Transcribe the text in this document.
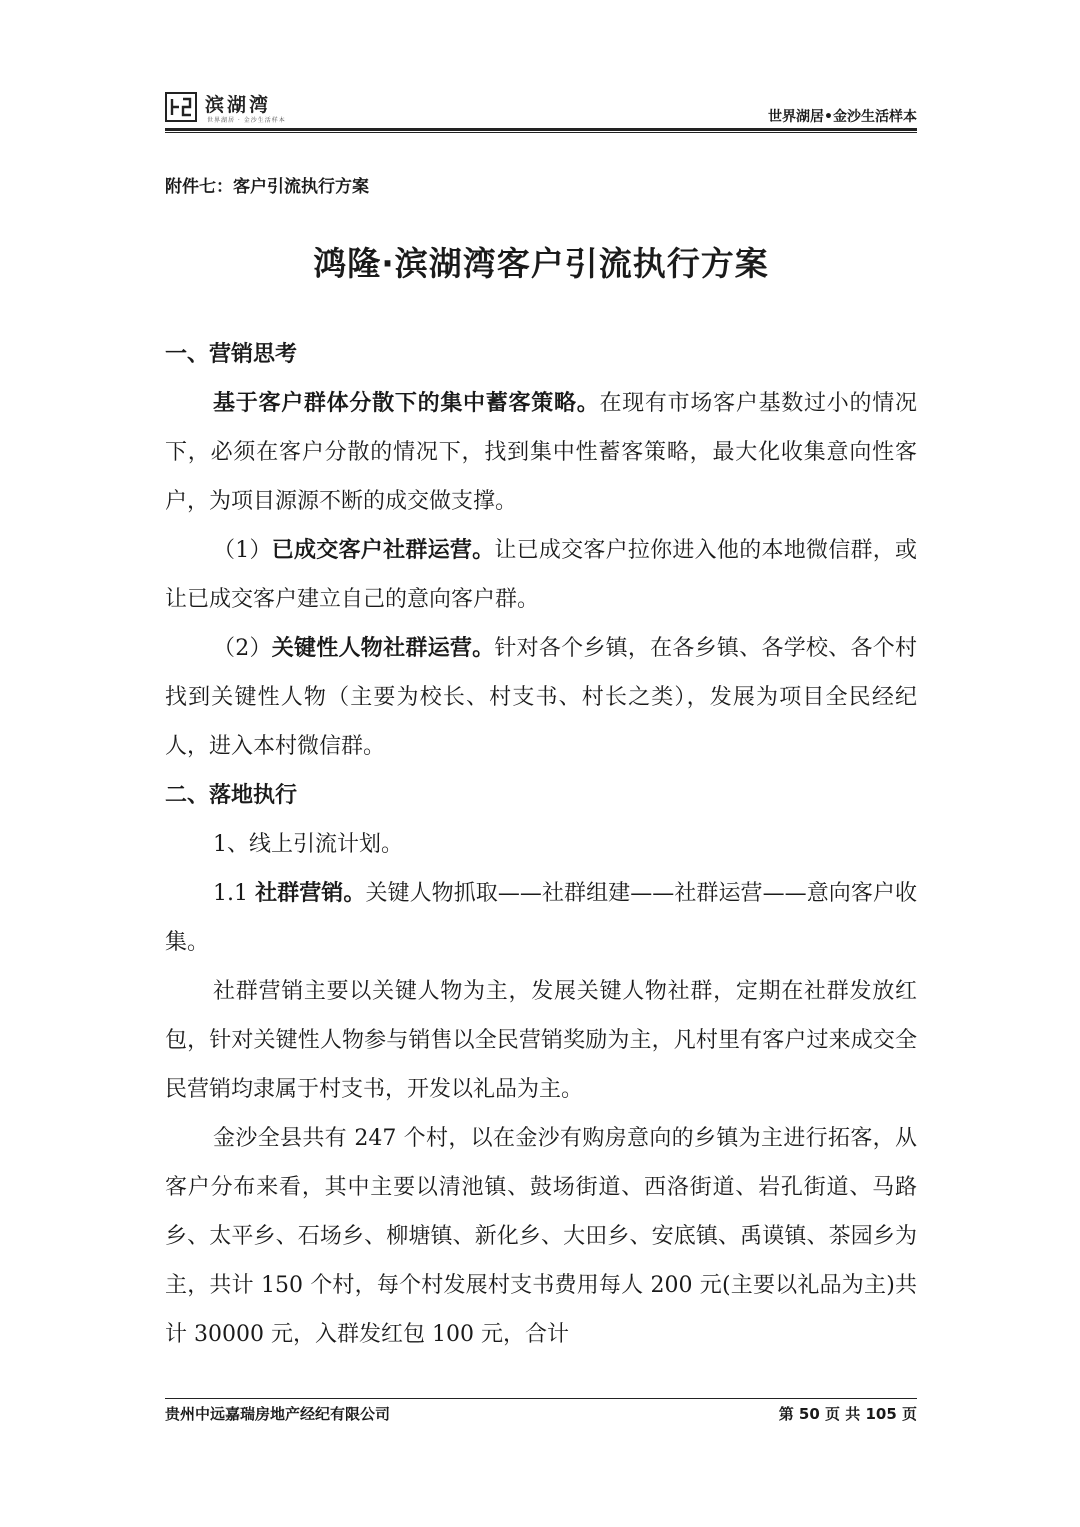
滨湖湾
世界湖居 · 金沙生活样本	世界湖居•金沙生活样本
附件七：客户引流执行方案
鸿隆·滨湖湾客户引流执行方案

一、营销思考

基于客户群体分散下的集中蓄客策略。在现有市场客户基数过小的情况下，必须在客户分散的情况下，找到集中性蓄客策略，最大化收集意向性客户，为项目源源不断的成交做支撑。

（1）已成交客户社群运营。让已成交客户拉你进入他的本地微信群，或让已成交客户建立自己的意向客户群。

（2）关键性人物社群运营。针对各个乡镇，在各乡镇、各学校、各个村找到关键性人物（主要为校长、村支书、村长之类），发展为项目全民经纪人，进入本村微信群。

二、落地执行

1、线上引流计划。

1.1 社群营销。关键人物抓取——社群组建——社群运营——意向客户收集。

社群营销主要以关键人物为主，发展关键人物社群，定期在社群发放红包，针对关键性人物参与销售以全民营销奖励为主，凡村里有客户过来成交全民营销均隶属于村支书，开发以礼品为主。

金沙全县共有 247 个村，以在金沙有购房意向的乡镇为主进行拓客，从客户分布来看，其中主要以清池镇、鼓场街道、西洛街道、岩孔街道、马路乡、太平乡、石场乡、柳塘镇、新化乡、大田乡、安底镇、禹谟镇、茶园乡为主，共计 150 个村，每个村发展村支书费用每人 200 元(主要以礼品为主)共计 30000 元，入群发红包 100 元，合计

贵州中远嘉瑞房地产经纪有限公司	第 50 页 共 105 页
